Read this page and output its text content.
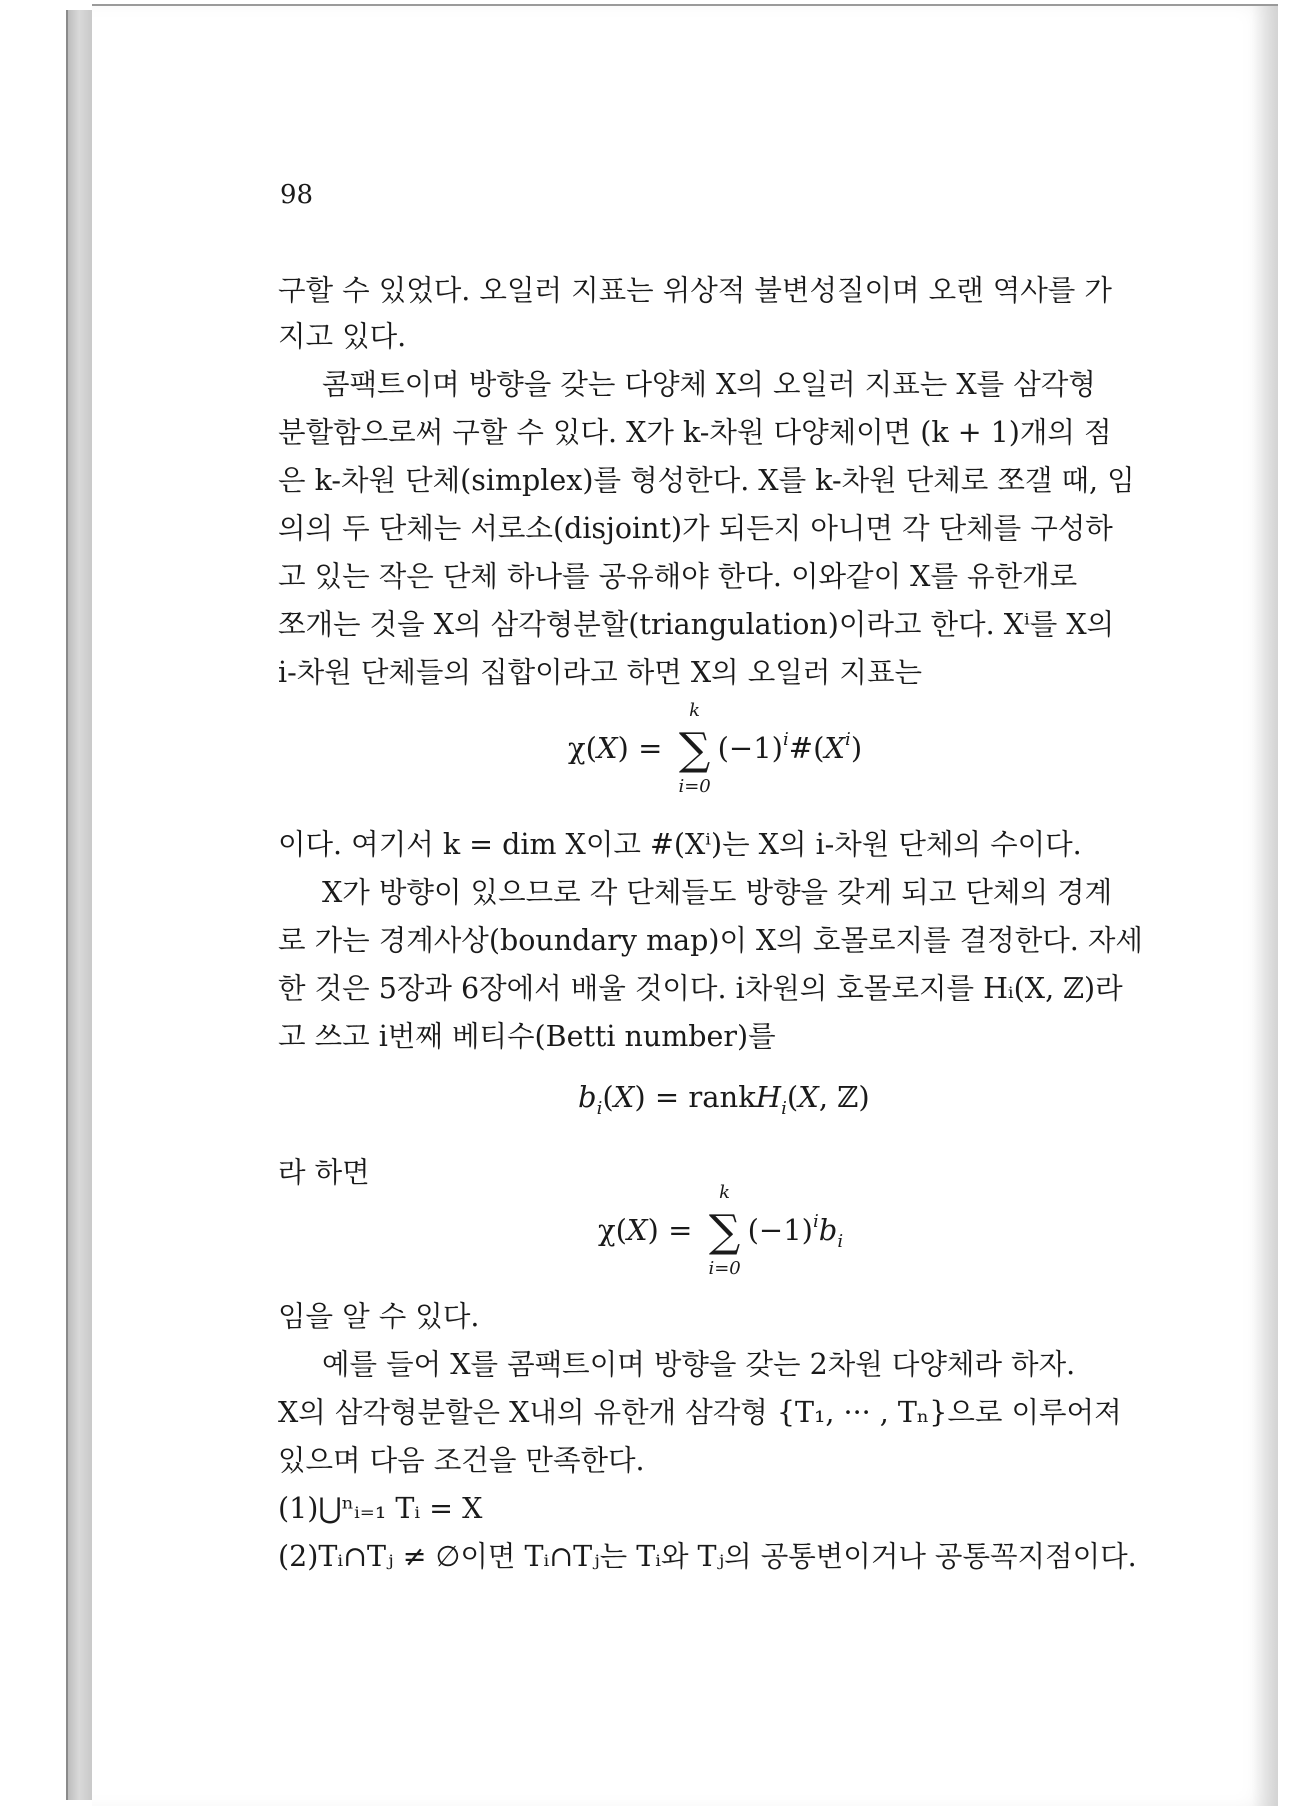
98
구할 수 있었다. 오일러 지표는 위상적 불변성질이며 오랜 역사를 가
지고 있다.
콤팩트이며 방향을 갖는 다양체 X의 오일러 지표는 X를 삼각형
분할함으로써 구할 수 있다. X가 k-차원 다양체이면 (k + 1)개의 점
은 k-차원 단체(simplex)를 형성한다. X를 k-차원 단체로 쪼갤 때, 임
의의 두 단체는 서로소(disjoint)가 되든지 아니면 각 단체를 구성하
고 있는 작은 단체 하나를 공유해야 한다. 이와같이 X를 유한개로
쪼개는 것을 X의 삼각형분할(triangulation)이라고 한다. Xⁱ를 X의
i-차원 단체들의 집합이라고 하면 X의 오일러 지표는
χ(X) =
k
∑
i=0
$(-1)^i\#(X^i)$
이다. 여기서 k = dim X이고 #(Xⁱ)는 X의 i-차원 단체의 수이다.
X가 방향이 있으므로 각 단체들도 방향을 갖게 되고 단체의 경계
로 가는 경계사상(boundary map)이 X의 호몰로지를 결정한다. 자세
한 것은 5장과 6장에서 배울 것이다. i차원의 호몰로지를 Hᵢ(X, ℤ)라
고 쓰고 i번째 베티수(Betti number)를
$b_i(X)$ = rankH$_i$(X, ℤ)
라 하면
χ(X) =
k
∑
i=0
$(-1)^ib_i$
임을 알 수 있다.
예를 들어 X를 콤팩트이며 방향을 갖는 2차원 다양체라 하자.
X의 삼각형분할은 X내의 유한개 삼각형 {T₁, ··· , Tₙ}으로 이루어져
있으며 다음 조건을 만족한다.
(1)⋃ⁿᵢ₌₁ Tᵢ = X
(2)Tᵢ∩Tⱼ ≠ ∅이면 Tᵢ∩Tⱼ는 Tᵢ와 Tⱼ의 공통변이거나 공통꼭지점이다.
